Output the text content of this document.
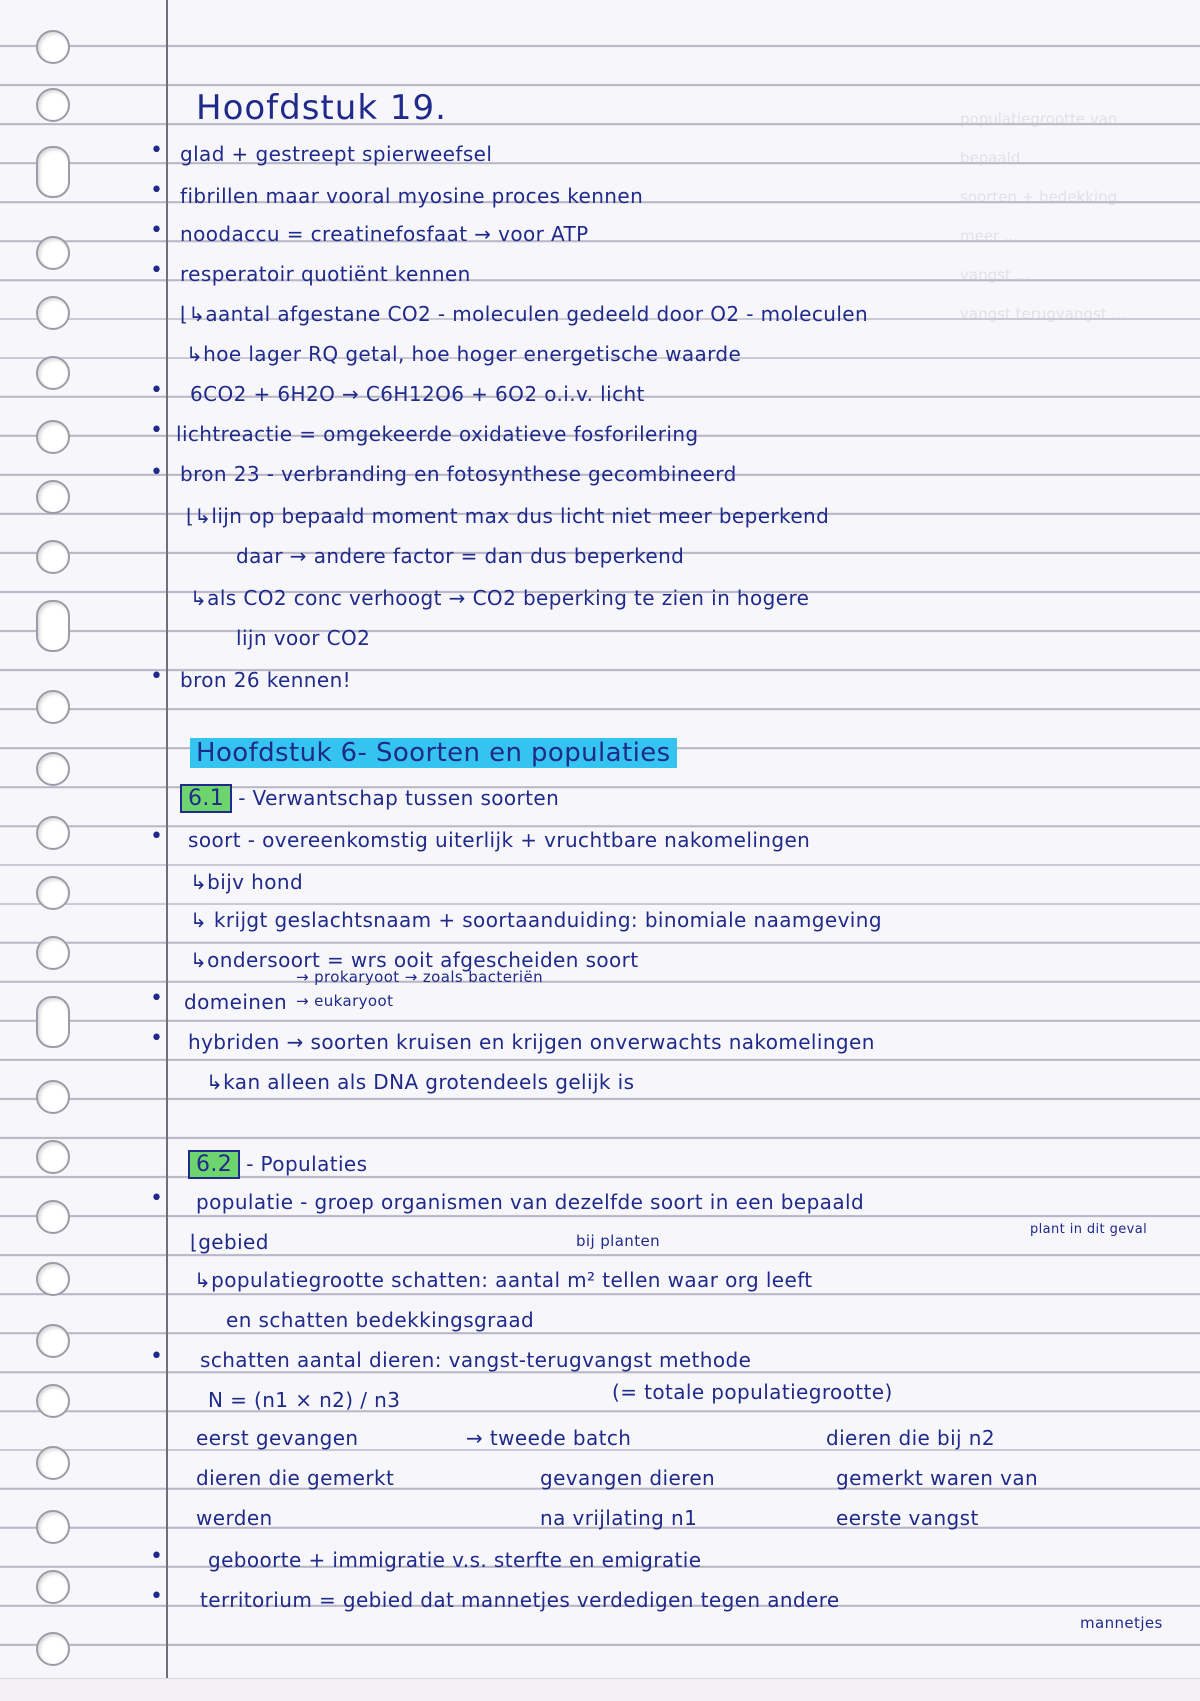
populatiegrootte van bepaald
soorten + bedekking
meer ...
vangst ...
vangst terugvangst ...
Hoofdstuk 19.
• glad + gestreept spierweefsel
• fibrillen maar vooral myosine proces kennen
• noodaccu = creatinefosfaat → voor ATP
• resperatoir quotiënt kennen
⌊↳aantal afgestane CO2 - moleculen gedeeld door O2 - moleculen
↳hoe lager RQ getal, hoe hoger energetische waarde
• 6CO2 + 6H2O → C6H12O6 + 6O2 o.i.v. licht
• lichtreactie = omgekeerde oxidatieve fosforilering
• bron 23 - verbranding en fotosynthese gecombineerd
⌊↳lijn op bepaald moment max dus licht niet meer beperkend
daar → andere factor = dan dus beperkend
↳als CO2 conc verhoogt → CO2 beperking te zien in hogere
lijn voor CO2
• bron 26 kennen!
Hoofdstuk 6- Soorten en populaties
6.1 - Verwantschap tussen soorten
• soort - overeenkomstig uiterlijk + vruchtbare nakomelingen
↳bijv hond
↳ krijgt geslachtsnaam + soortaanduiding: binomiale naamgeving
↳ondersoort = wrs ooit afgescheiden soort
• domeinen
→ prokaryoot → zoals bacteriën
→ eukaryoot
• hybriden → soorten kruisen en krijgen onverwachts nakomelingen
↳kan alleen als DNA grotendeels gelijk is
6.2 - Populaties
• populatie - groep organismen van dezelfde soort in een bepaald
⌊gebied	bij planten
plant in dit geval
↳populatiegrootte schatten: aantal m² tellen waar org leeft
en schatten bedekkingsgraad
• schatten aantal dieren: vangst-terugvangst methode
N = (n1 × n2) / n3	(= totale populatiegrootte)
eerst gevangen
dieren die gemerkt
werden
→ tweede batch
gevangen dieren
na vrijlating n1
dieren die bij n2
gemerkt waren van
eerste vangst
• geboorte + immigratie v.s. sterfte en emigratie
• territorium = gebied dat mannetjes verdedigen tegen andere
mannetjes
